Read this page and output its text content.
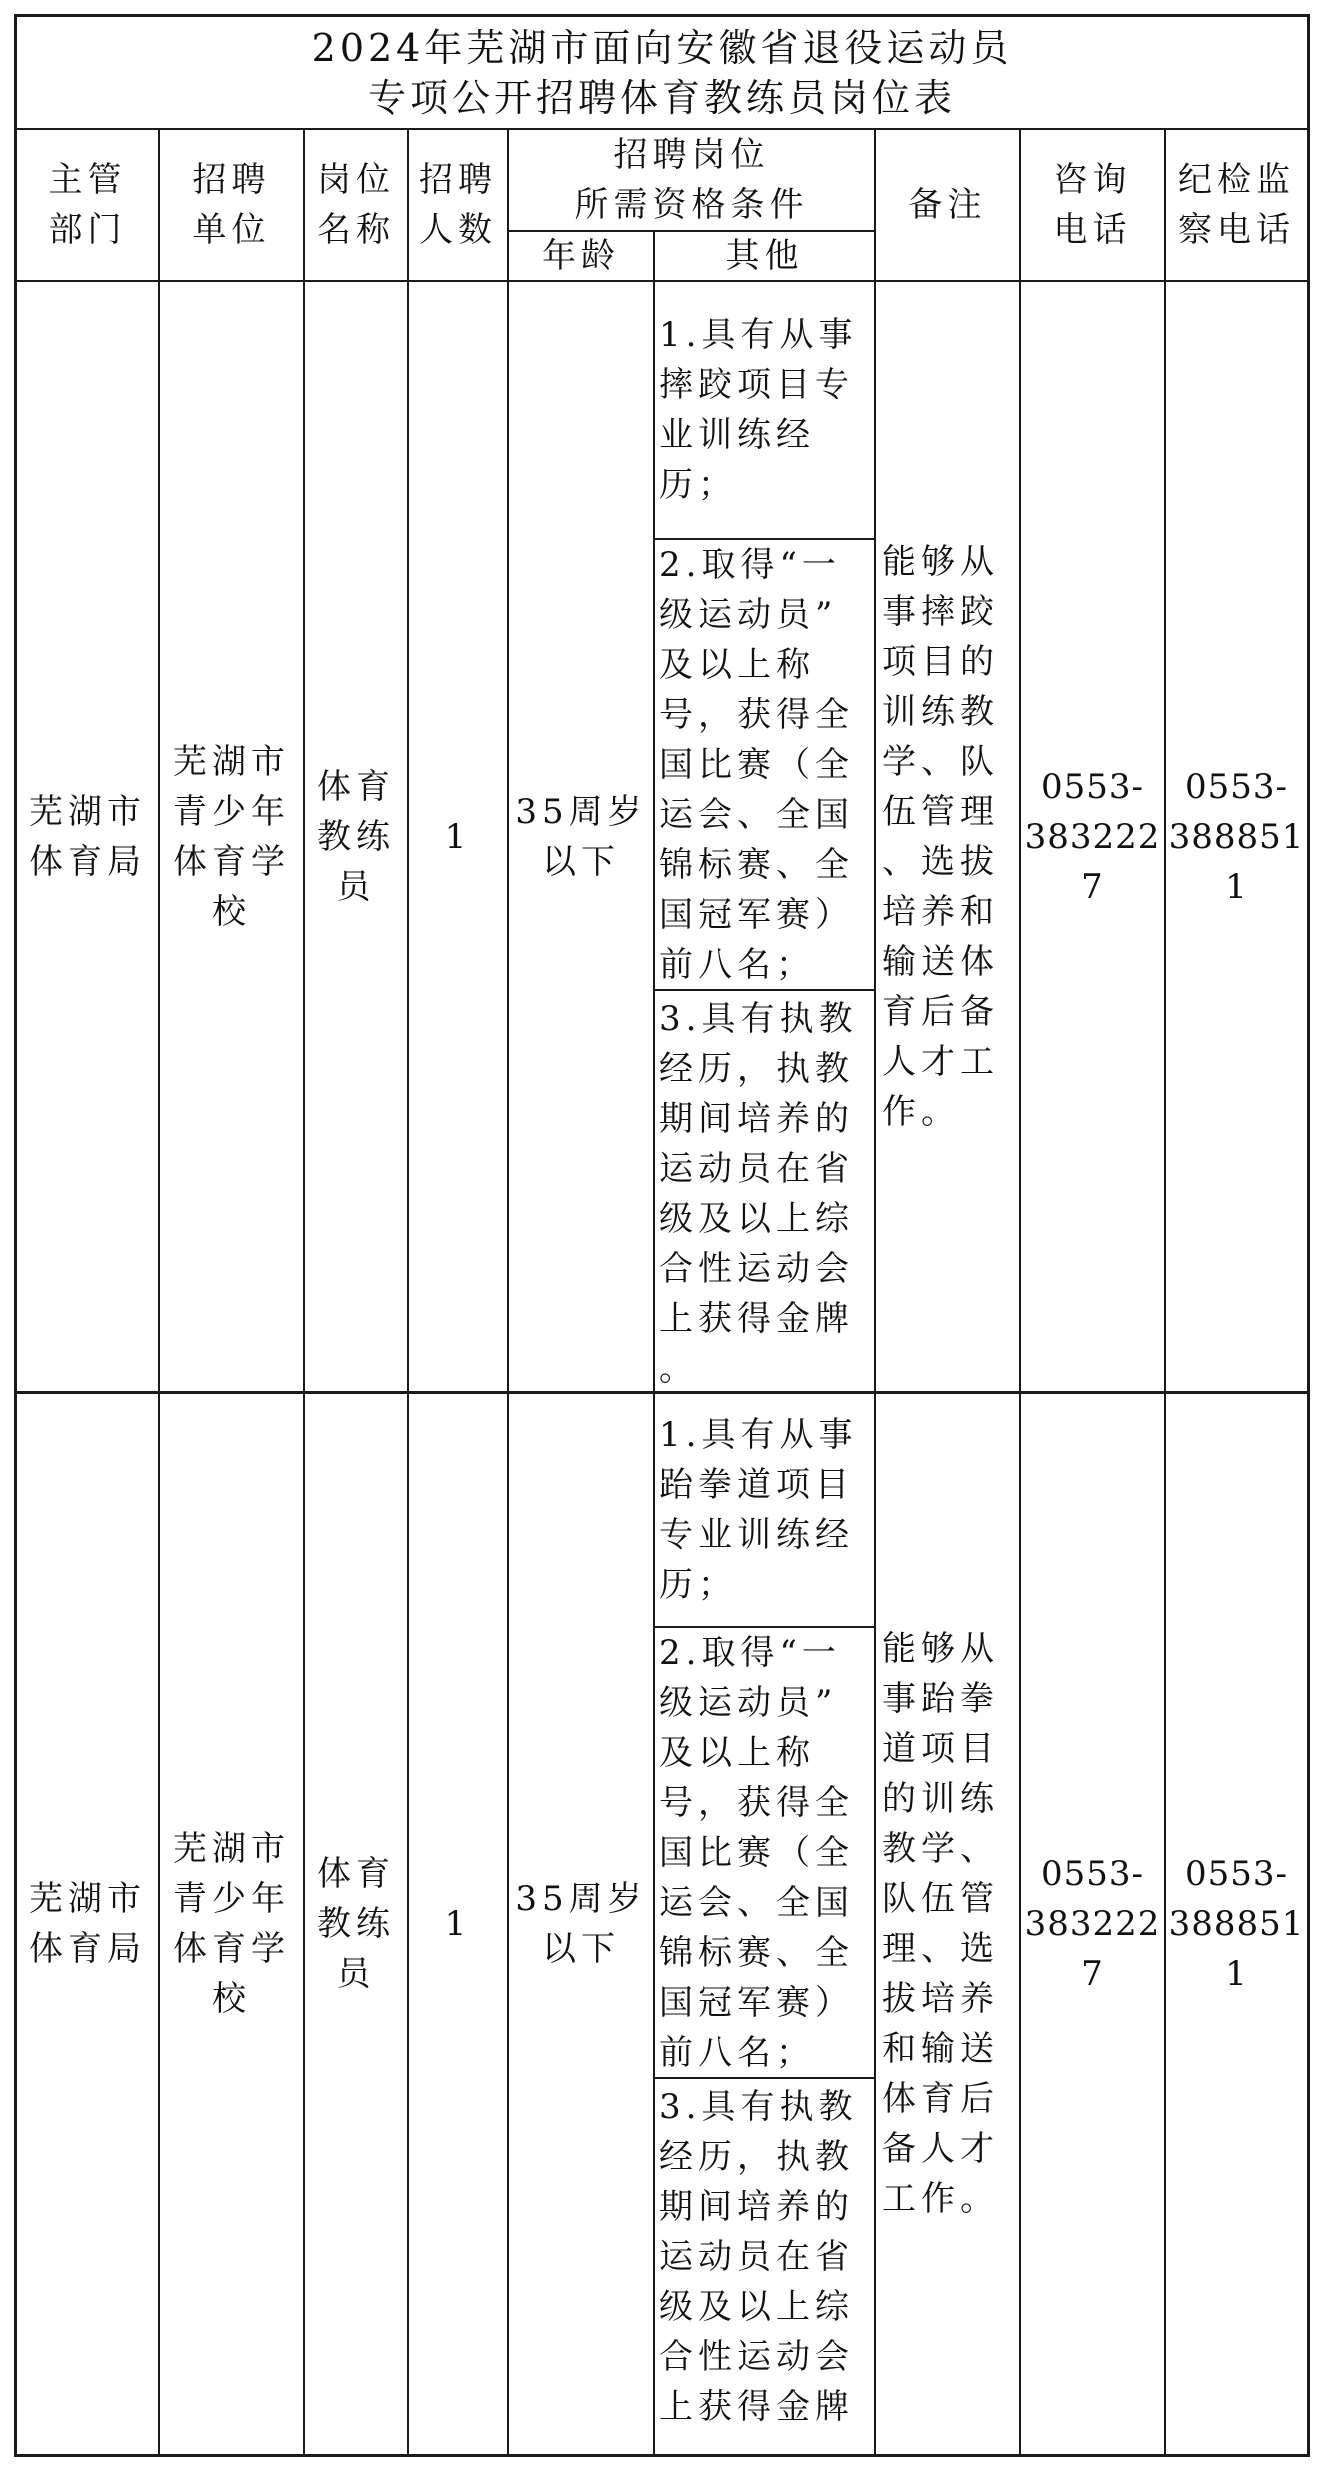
2024年芜湖市面向安徽省退役运动员
专项公开招聘体育教练员岗位表
主管
部门
招聘
单位
岗位
名称
招聘
人数
招聘岗位
所需资格条件
年龄	其他
备注
咨询
电话
纪检监
察电话
芜湖市
体育局
芜湖市
青少年
体育学
校
体育
教练
员
1
35周岁
以下
1.具有从事
摔跤项目专
业训练经
历；
2.取得“一
级运动员”
及以上称
号，获得全
国比赛（全
运会、全国
锦标赛、全
国冠军赛）
前八名；
3.具有执教
经历，执教
期间培养的
运动员在省
级及以上综
合性运动会
上获得金牌
。
能够从
事摔跤
项目的
训练教
学、队
伍管理
、选拔
培养和
输送体
育后备
人才工
作。
0553-
383222
7
0553-
388851
1
芜湖市
体育局
芜湖市
青少年
体育学
校
体育
教练
员
1
35周岁
以下
1.具有从事
跆拳道项目
专业训练经
历；
2.取得“一
级运动员”
及以上称
号，获得全
国比赛（全
运会、全国
锦标赛、全
国冠军赛）
前八名；
3.具有执教
经历，执教
期间培养的
运动员在省
级及以上综
合性运动会
上获得金牌
能够从
事跆拳
道项目
的训练
教学、
队伍管
理、选
拔培养
和输送
体育后
备人才
工作。
0553-
383222
7
0553-
388851
1
